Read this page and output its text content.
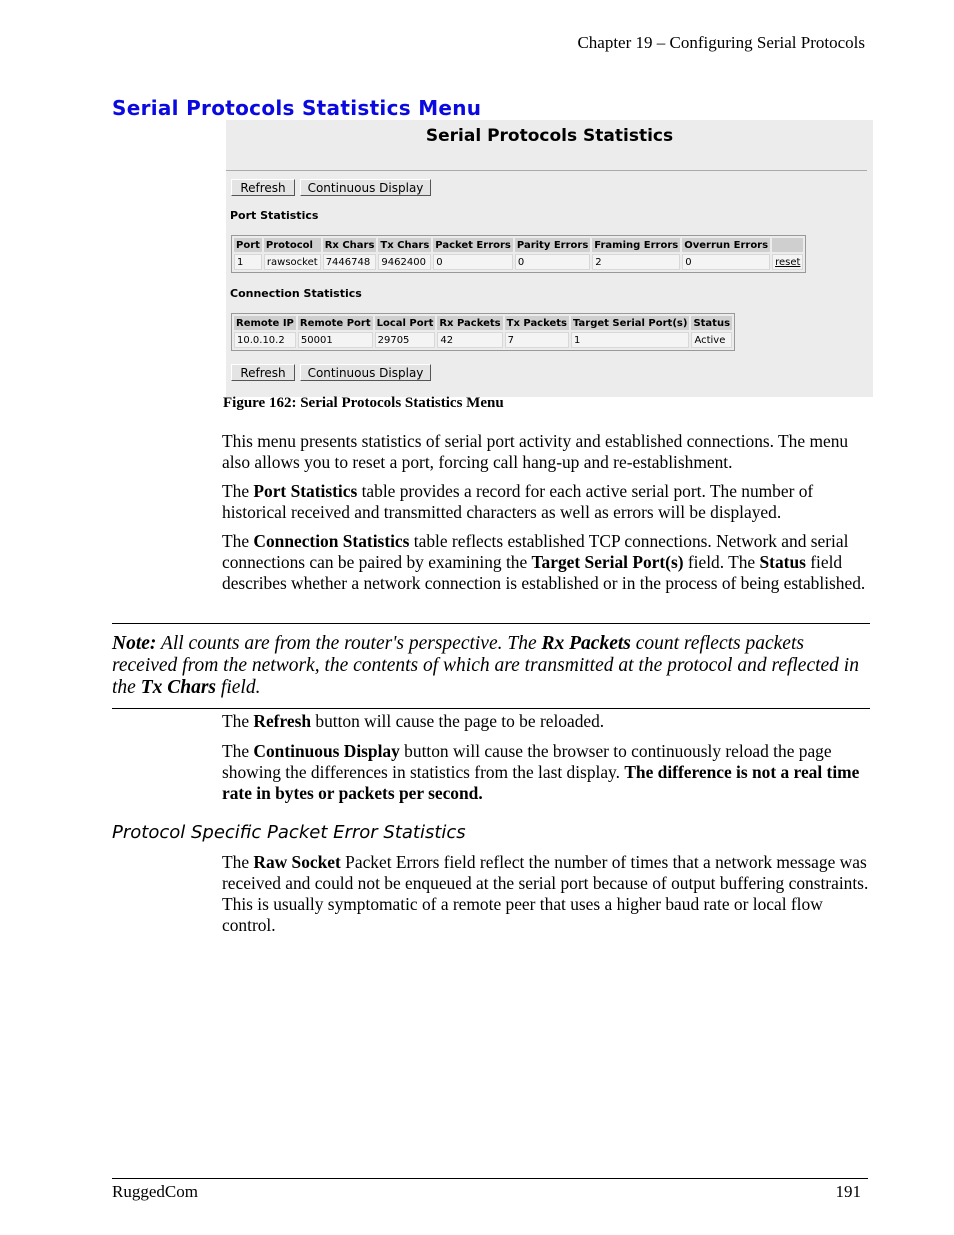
Chapter 19 – Configuring Serial Protocols
Serial Protocols Statistics Menu
Serial Protocols Statistics
Refresh	Continuous Display
Port Statistics
Port	Protocol	Rx Chars	Tx Chars	Packet Errors	Parity Errors	Framing Errors	Overrun Errors	
1	rawsocket	7446748	9462400	0	0	2	0	reset
Connection Statistics
Remote IP	Remote Port	Local Port	Rx Packets	Tx Packets	Target Serial Port(s)	Status
10.0.10.2	50001	29705	42	7	1	Active
Refresh	Continuous Display
Figure 162: Serial Protocols Statistics Menu
This menu presents statistics of serial port activity and established connections. The menu also allows you to reset a port, forcing call hang-up and re-establishment.
The Port Statistics table provides a record for each active serial port. The number of historical received and transmitted characters as well as errors will be displayed.
The Connection Statistics table reflects established TCP connections. Network and serial connections can be paired by examining the Target Serial Port(s) field. The Status field describes whether a network connection is established or in the process of being established.
Note: All counts are from the router's perspective. The Rx Packets count reflects packets received from the network, the contents of which are transmitted at the protocol and reflected in the Tx Chars field.
The Refresh button will cause the page to be reloaded.
The Continuous Display button will cause the browser to continuously reload the page showing the differences in statistics from the last display. The difference is not a real time rate in bytes or packets per second.
Protocol Specific Packet Error Statistics
The Raw Socket Packet Errors field reflect the number of times that a network message was received and could not be enqueued at the serial port because of output buffering constraints. This is usually symptomatic of a remote peer that uses a higher baud rate or local flow control.
RuggedCom	191
